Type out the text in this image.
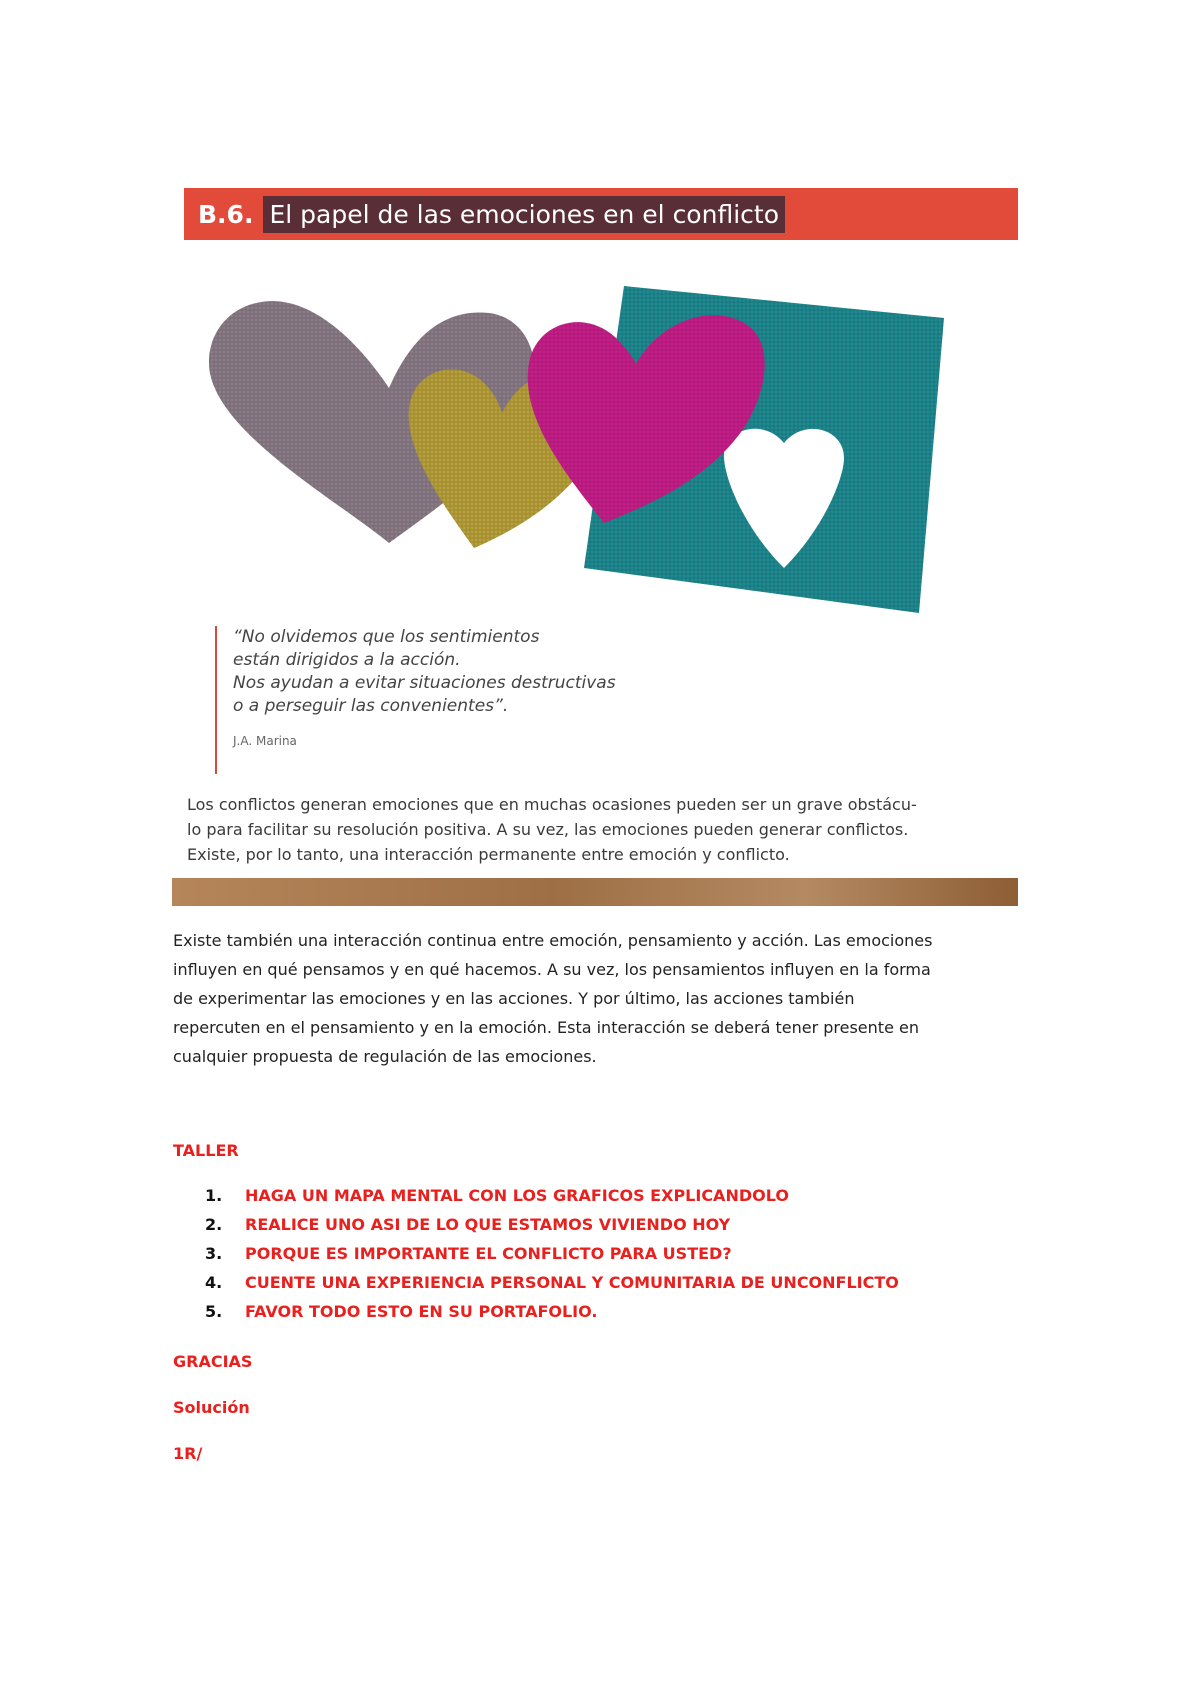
B.6. El papel de las emociones en el conflicto
“No olvidemos que los sentimientos
están dirigidos a la acción.
Nos ayudan a evitar situaciones destructivas
o a perseguir las convenientes”.
J.A. Marina
Los conflictos generan emociones que en muchas ocasiones pueden ser un grave obstácu-
lo para facilitar su resolución positiva. A su vez, las emociones pueden generar conflictos.
Existe, por lo tanto, una interacción permanente entre emoción y conflicto.
Existe también una interacción continua entre emoción, pensamiento y acción. Las emociones
influyen en qué pensamos y en qué hacemos. A su vez, los pensamientos influyen en la forma
de experimentar las emociones y en las acciones. Y por último, las acciones también
repercuten en el pensamiento y en la emoción. Esta interacción se deberá tener presente en
cualquier propuesta de regulación de las emociones.
TALLER
1.	HAGA UN MAPA MENTAL CON LOS GRAFICOS EXPLICANDOLO
2.	REALICE UNO ASI DE LO QUE ESTAMOS VIVIENDO HOY
3.	PORQUE ES IMPORTANTE EL CONFLICTO PARA USTED?
4.	CUENTE UNA EXPERIENCIA PERSONAL Y COMUNITARIA DE UNCONFLICTO
5.	FAVOR TODO ESTO EN SU PORTAFOLIO.
GRACIAS
Solución
1R/
